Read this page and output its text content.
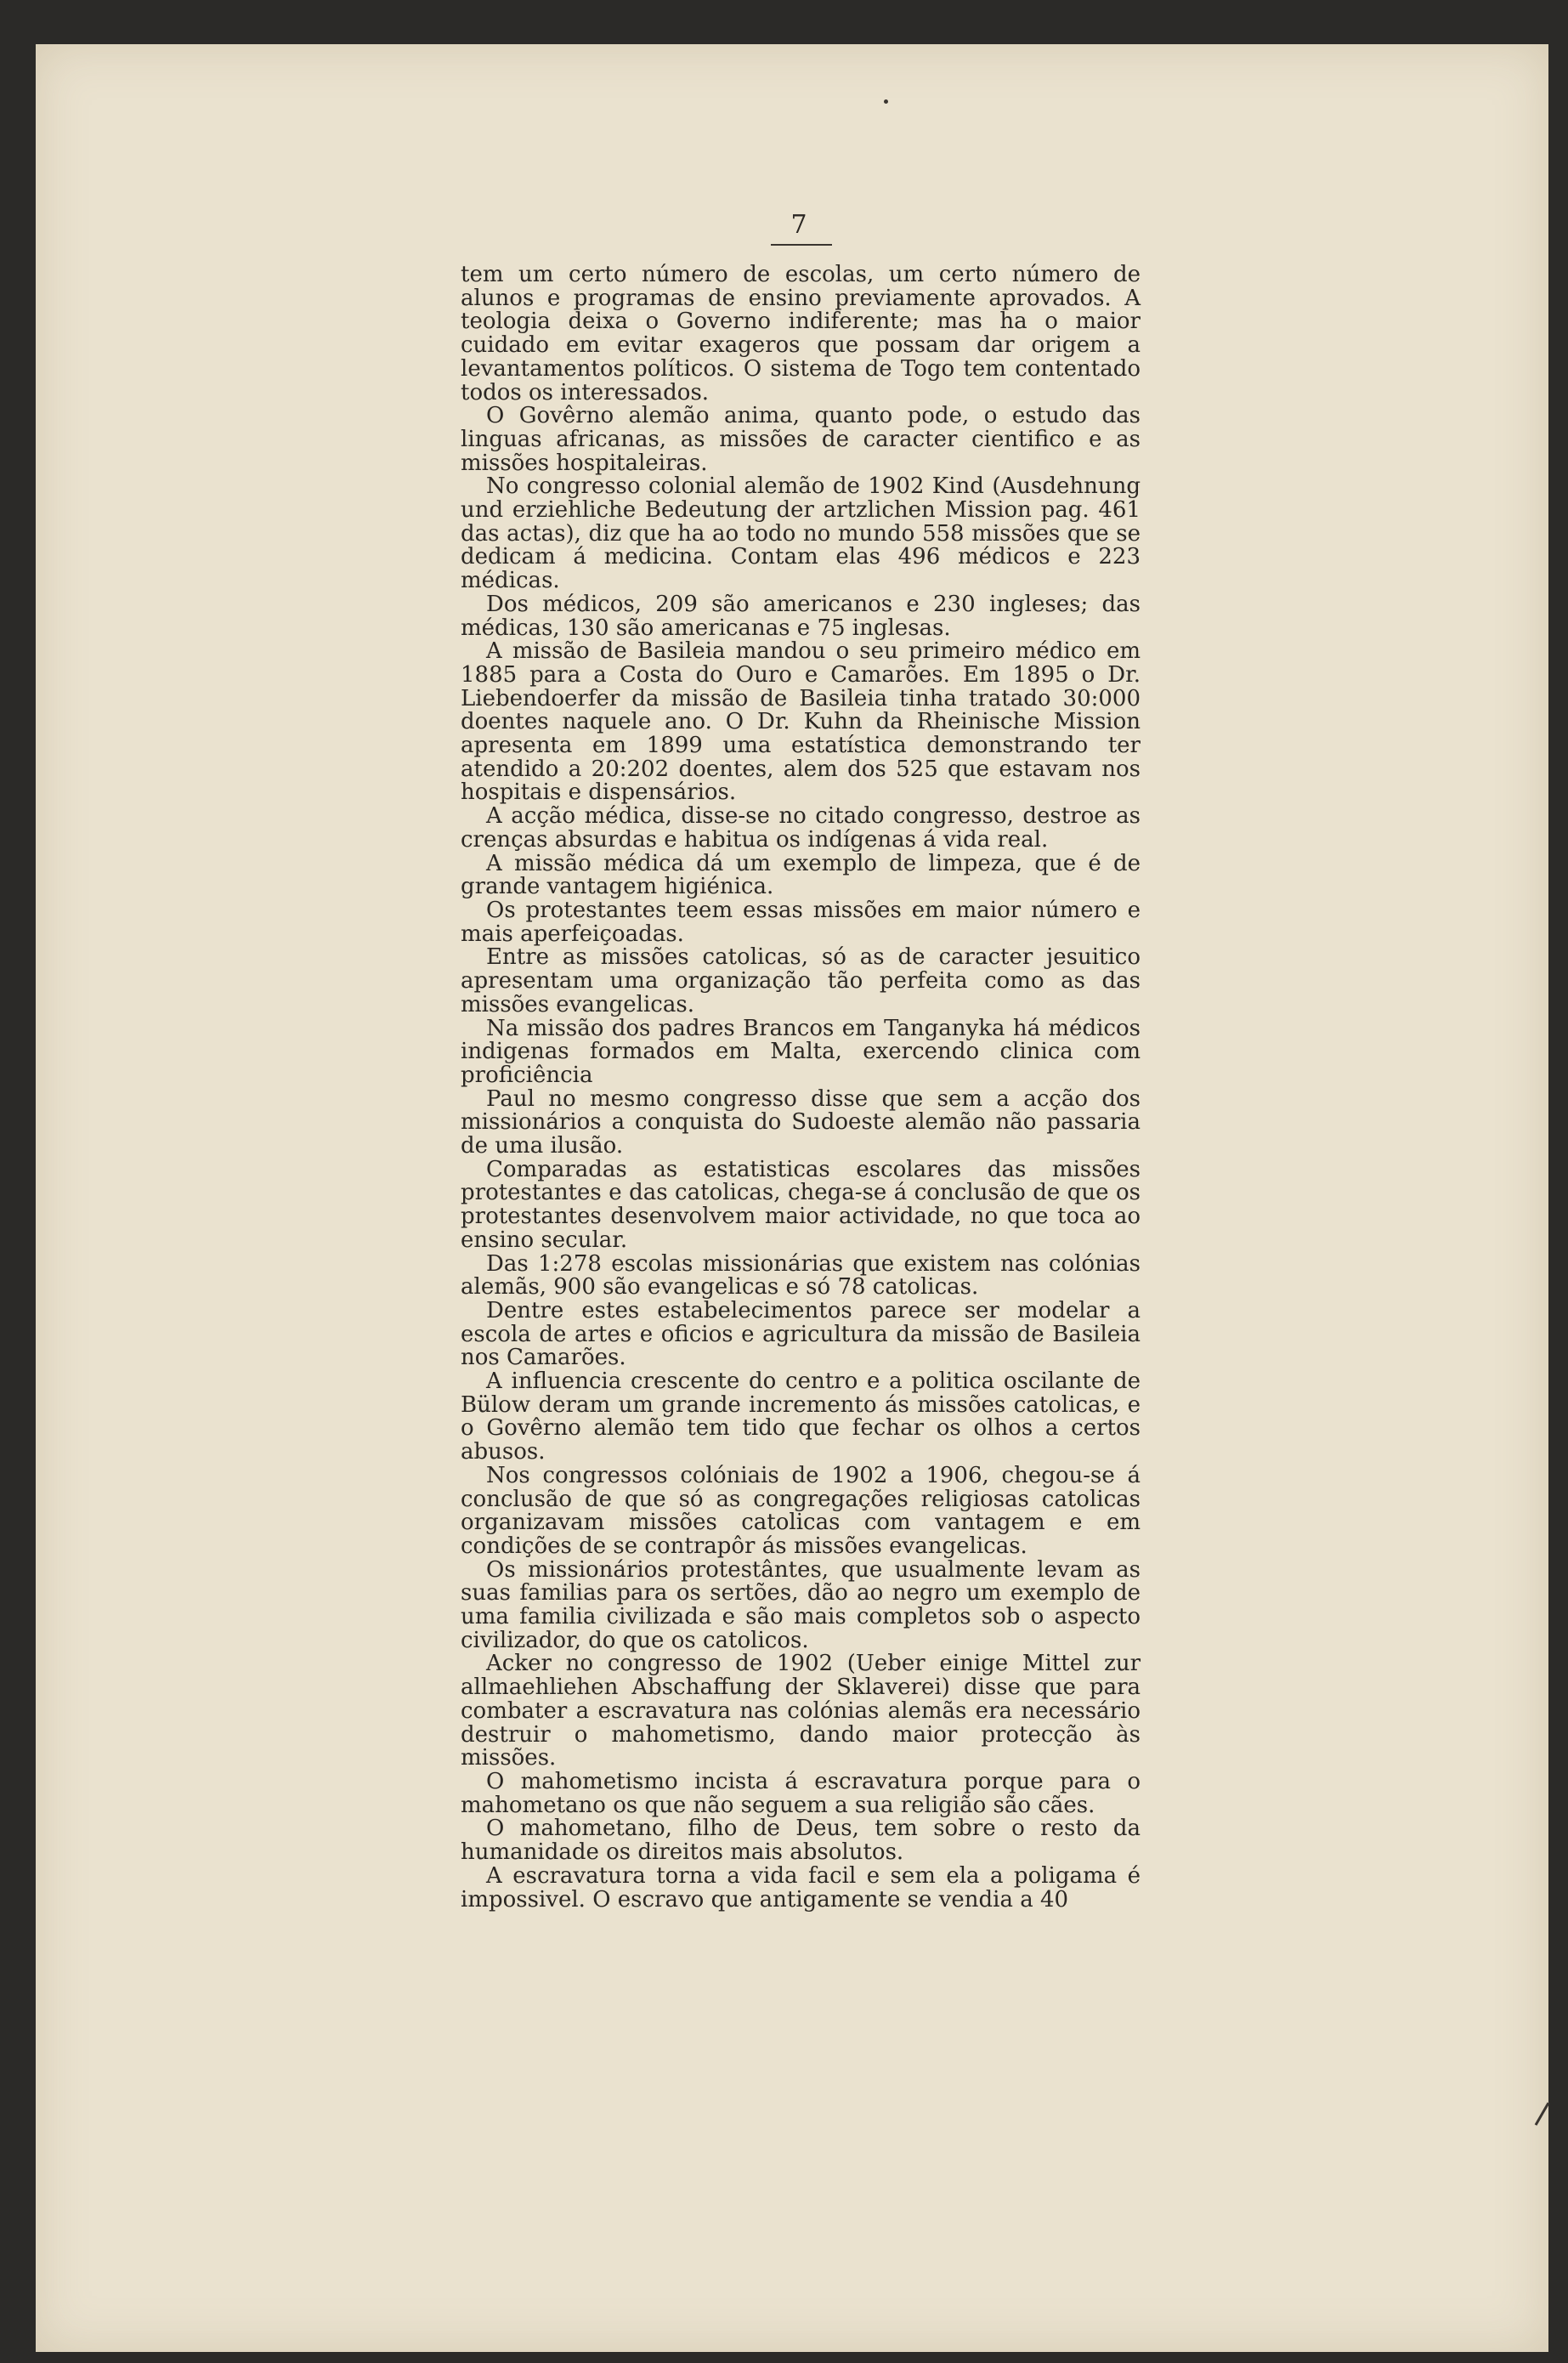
7

tem um certo número de escolas, um certo número de alunos e programas de ensino previamente aprovados. A teologia deixa o Governo indiferente; mas ha o maior cuidado em evitar exageros que possam dar origem a levantamentos políticos. O sistema de Togo tem contentado todos os interessados.

O Govêrno alemão anima, quanto pode, o estudo das linguas africanas, as missões de caracter cientifico e as missões hospitaleiras.

No congresso colonial alemão de 1902 Kind (Ausdehnung und erziehliche Bedeutung der artzlichen Mission pag. 461 das actas), diz que ha ao todo no mundo 558 missões que se dedicam á medicina. Contam elas 496 médicos e 223 médicas.

Dos médicos, 209 são americanos e 230 ingleses; das médicas, 130 são americanas e 75 inglesas.

A missão de Basileia mandou o seu primeiro médico em 1885 para a Costa do Ouro e Camarões. Em 1895 o Dr. Liebendoerfer da missão de Basileia tinha tratado 30:000 doentes naquele ano. O Dr. Kuhn da Rheinische Mission apresenta em 1899 uma estatística demonstrando ter atendido a 20:202 doentes, alem dos 525 que estavam nos hospitais e dispensários.

A acção médica, disse-se no citado congresso, destroe as crenças absurdas e habitua os indígenas á vida real.

A missão médica dá um exemplo de limpeza, que é de grande vantagem higiénica.

Os protestantes teem essas missões em maior número e mais aperfeiçoadas.

Entre as missões catolicas, só as de caracter jesuitico apresentam uma organização tão perfeita como as das missões evangelicas.

Na missão dos padres Brancos em Tanganyka há médicos indigenas formados em Malta, exercendo clinica com proficiência

Paul no mesmo congresso disse que sem a acção dos missionários a conquista do Sudoeste alemão não passaria de uma ilusão.

Comparadas as estatisticas escolares das missões protestantes e das catolicas, chega-se á conclusão de que os protestantes desenvolvem maior actividade, no que toca ao ensino secular.

Das 1:278 escolas missionárias que existem nas colónias alemãs, 900 são evangelicas e só 78 catolicas.

Dentre estes estabelecimentos parece ser modelar a escola de artes e oficios e agricultura da missão de Basileia nos Camarões.

A influencia crescente do centro e a politica oscilante de Bülow deram um grande incremento ás missões catolicas, e o Govêrno alemão tem tido que fechar os olhos a certos abusos.

Nos congressos colóniais de 1902 a 1906, chegou-se á conclusão de que só as congregações religiosas catolicas organizavam missões catolicas com vantagem e em condições de se contrapôr ás missões evangelicas.

Os missionários protestântes, que usualmente levam as suas familias para os sertões, dão ao negro um exemplo de uma familia civilizada e são mais completos sob o aspecto civilizador, do que os catolicos.

Acker no congresso de 1902 (Ueber einige Mittel zur allmaehliehen Abschaffung der Sklaverei) disse que para combater a escravatura nas colónias alemãs era necessário destruir o mahometismo, dando maior protecção às missões.

O mahometismo incista á escravatura porque para o mahometano os que não seguem a sua religião são cães.

O mahometano, filho de Deus, tem sobre o resto da humanidade os direitos mais absolutos.

A escravatura torna a vida facil e sem ela a poligama é impossivel. O escravo que antigamente se vendia a 40
